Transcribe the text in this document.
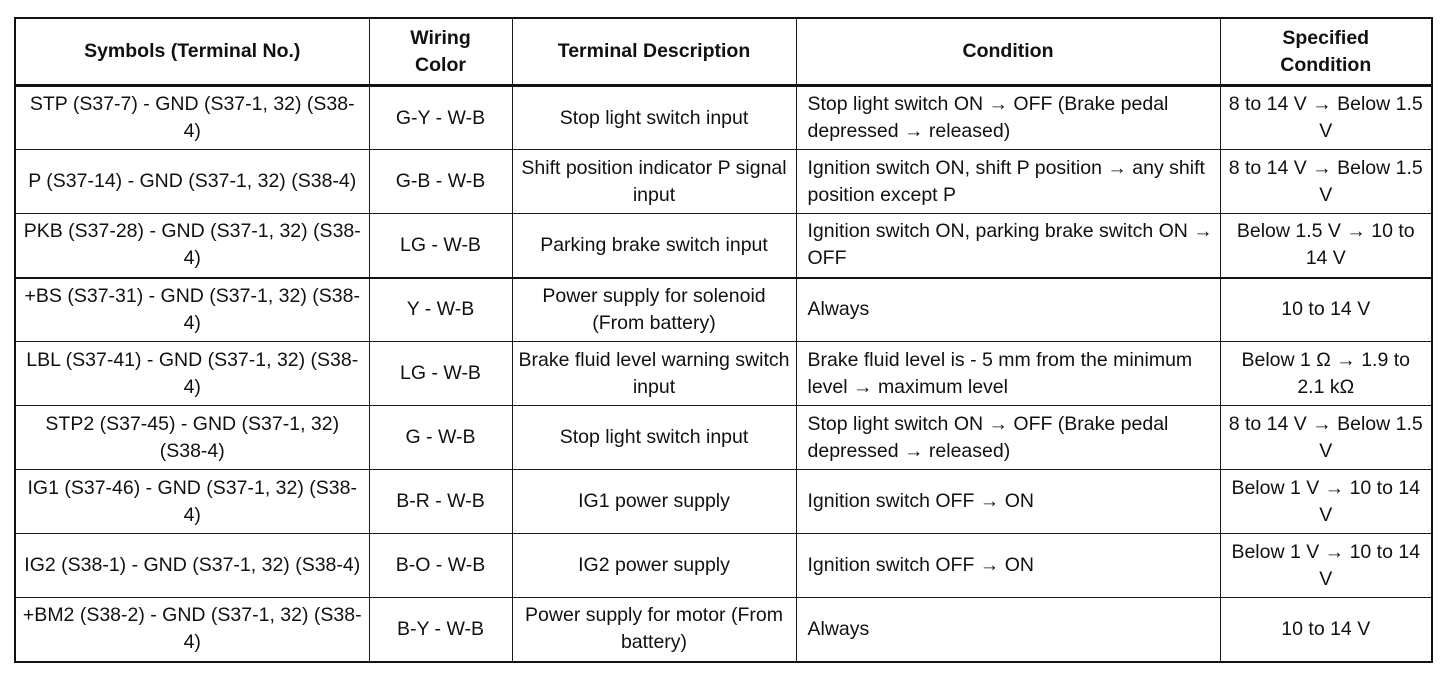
Symbols (Terminal No.)	Wiring Color	Terminal Description	Condition	Specified Condition
STP (S37-7) - GND (S37-1, 32) (S38-4)	G-Y - W-B	Stop light switch input	Stop light switch ON → OFF (Brake pedal depressed → released)	8 to 14 V → Below 1.5 V
P (S37-14) - GND (S37-1, 32) (S38-4)	G-B - W-B	Shift position indicator P signal input	Ignition switch ON, shift P position → any shift position except P	8 to 14 V → Below 1.5 V
PKB (S37-28) - GND (S37-1, 32) (S38-4)	LG - W-B	Parking brake switch input	Ignition switch ON, parking brake switch ON → OFF	Below 1.5 V → 10 to 14 V
+BS (S37-31) - GND (S37-1, 32) (S38-4)	Y - W-B	Power supply for solenoid (From battery)	Always	10 to 14 V
LBL (S37-41) - GND (S37-1, 32) (S38-4)	LG - W-B	Brake fluid level warning switch input	Brake fluid level is - 5 mm from the minimum level → maximum level	Below 1 Ω → 1.9 to 2.1 kΩ
STP2 (S37-45) - GND (S37-1, 32) (S38-4)	G - W-B	Stop light switch input	Stop light switch ON → OFF (Brake pedal depressed → released)	8 to 14 V → Below 1.5 V
IG1 (S37-46) - GND (S37-1, 32) (S38-4)	B-R - W-B	IG1 power supply	Ignition switch OFF → ON	Below 1 V → 10 to 14 V
IG2 (S38-1) - GND (S37-1, 32) (S38-4)	B-O - W-B	IG2 power supply	Ignition switch OFF → ON	Below 1 V → 10 to 14 V
+BM2 (S38-2) - GND (S37-1, 32) (S38-4)	B-Y - W-B	Power supply for motor (From battery)	Always	10 to 14 V
